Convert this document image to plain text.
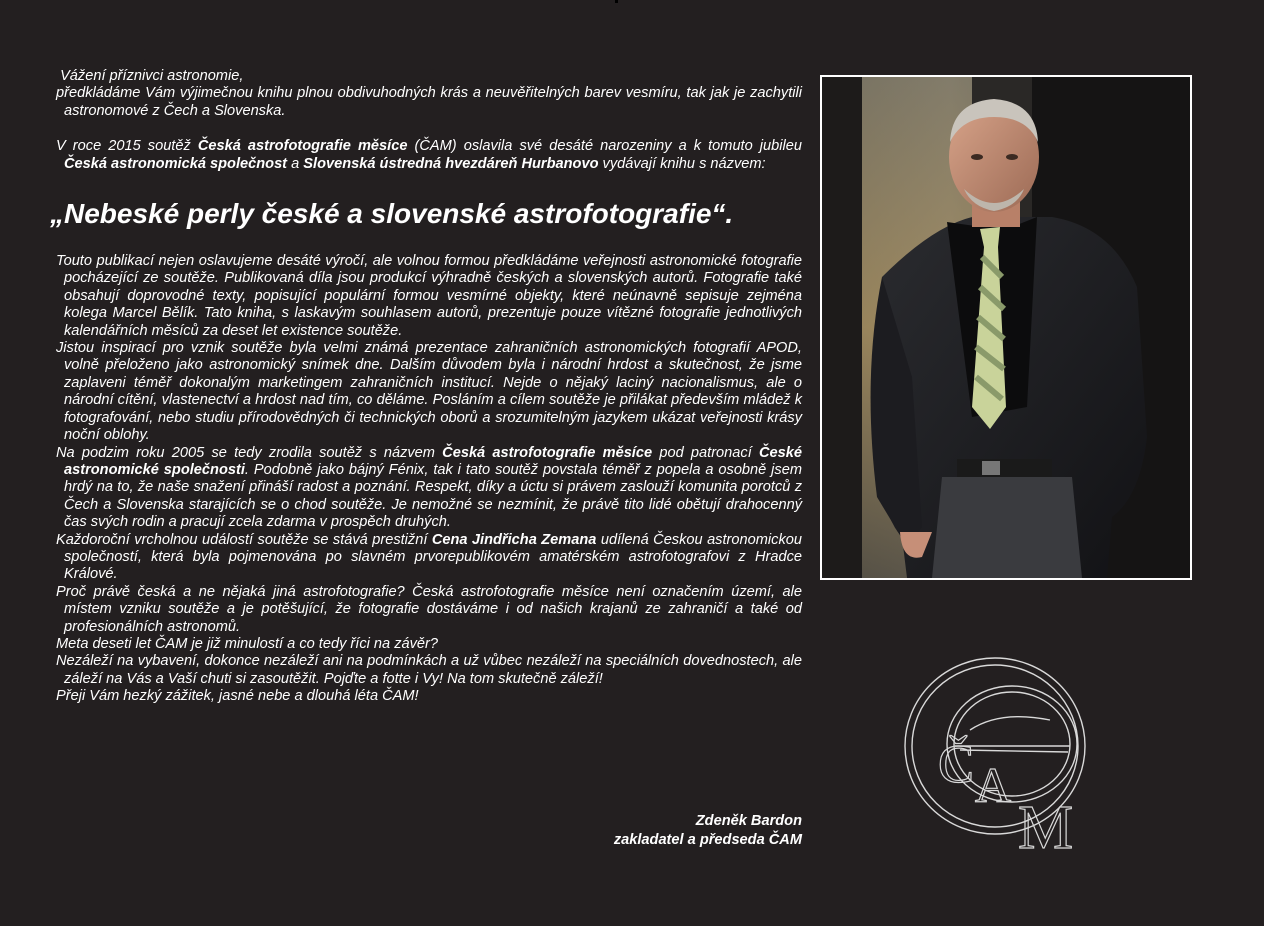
Vážení příznivci astronomie,

předkládáme Vám výjimečnou knihu plnou obdivuhodných krás a neuvěřitelných barev vesmíru, tak jak je zachytili astronomové z Čech a Slovenska.

V roce 2015 soutěž Česká astrofotografie měsíce (ČAM) oslavila své desáté narozeniny a k tomuto jubileu Česká astronomická společnost a Slovenská ústredná hvezdáreň Hurbanovo vydávají knihu s názvem:

„Nebeské perly české a slovenské astrofotografie“.

Touto publikací nejen oslavujeme desáté výročí, ale volnou formou předkládáme veřejnosti astronomické fotografie pocházející ze soutěže. Publikovaná díla jsou produkcí výhradně českých a slovenských autorů. Fotografie také obsahují doprovodné texty, popisující populární formou vesmírné objekty, které neúnavně sepisuje zejména kolega Marcel Bělík. Tato kniha, s laskavým souhlasem autorů, prezentuje pouze vítězné fotografie jednotlivých kalendářních měsíců za deset let existence soutěže.

Jistou inspirací pro vznik soutěže byla velmi známá prezentace zahraničních astronomických fotografií APOD, volně přeloženo jako astronomický snímek dne. Dalším důvodem byla i národní hrdost a skutečnost, že jsme zaplaveni téměř dokonalým marketingem zahraničních institucí. Nejde o nějaký laciný nacionalismus, ale o národní cítění, vlastenectví a hrdost nad tím, co děláme. Posláním a cílem soutěže je přilákat především mládež k fotografování, nebo studiu přírodovědných či technických oborů a srozumitelným jazykem ukázat veřejnosti krásy noční oblohy.

Na podzim roku 2005 se tedy zrodila soutěž s názvem Česká astrofotografie měsíce pod patronací České astronomické společnosti. Podobně jako bájný Fénix, tak i tato soutěž povstala téměř z popela a osobně jsem hrdý na to, že naše snažení přináší radost a poznání. Respekt, díky a úctu si právem zaslouží komunita porotců z Čech a Slovenska starajících se o chod soutěže. Je nemožné se nezmínit, že právě tito lidé obětují drahocenný čas svých rodin a pracují zcela zdarma v prospěch druhých.

Každoroční vrcholnou událostí soutěže se stává prestižní Cena Jindřicha Zemana udílená Českou astronomickou společností, která byla pojmenována po slavném prvorepublikovém amatérském astrofotografovi z Hradce Králové.

Proč právě česká a ne nějaká jiná astrofotografie? Česká astrofotografie měsíce není označením území, ale místem vzniku soutěže a je potěšující, že fotografie dostáváme i od našich krajanů ze zahraničí a také od profesionálních astronomů.

Meta deseti let ČAM je již minulostí a co tedy říci na závěr?

Nezáleží na vybavení, dokonce nezáleží ani na podmínkách a už vůbec nezáleží na speciálních dovednostech, ale záleží na Vás a Vaší chuti si zasoutěžit. Pojďte a fotte i Vy! Na tom skutečně záleží!

Přeji Vám hezký zážitek, jasné nebe a dlouhá léta ČAM!

Zdeněk Bardon
zakladatel a předseda ČAM
Č A
M
ČAM
